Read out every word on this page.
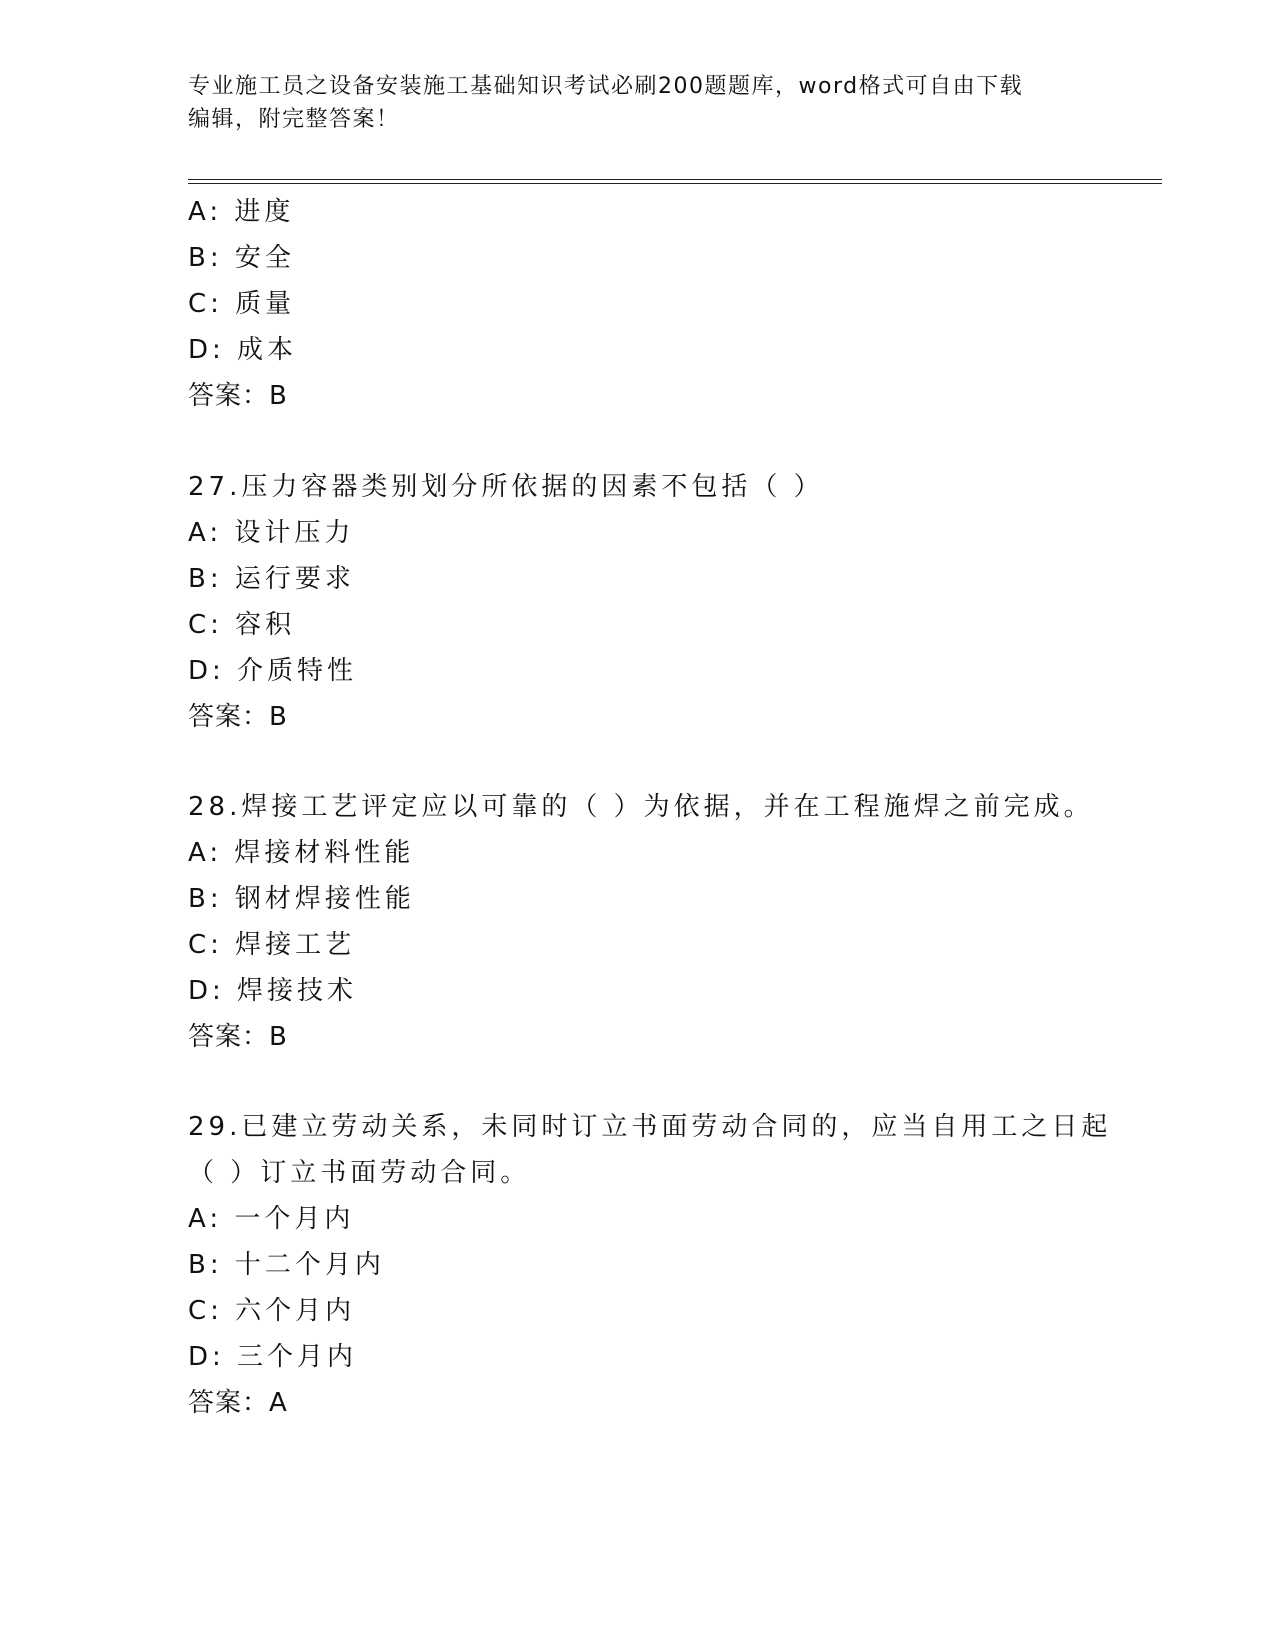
专业施工员之设备安装施工基础知识考试必刷200题题库，word格式可自由下载
编辑，附完整答案！
A: 进度
B: 安全
C: 质量
D: 成本
答案：B
27.压力容器类别划分所依据的因素不包括（ ）
A: 设计压力
B: 运行要求
C: 容积
D: 介质特性
答案：B
28.焊接工艺评定应以可靠的（ ）为依据，并在工程施焊之前完成。
A: 焊接材料性能
B: 钢材焊接性能
C: 焊接工艺
D: 焊接技术
答案：B
29.已建立劳动关系，未同时订立书面劳动合同的，应当自用工之日起
（ ）订立书面劳动合同。
A: 一个月内
B: 十二个月内
C: 六个月内
D: 三个月内
答案：A
